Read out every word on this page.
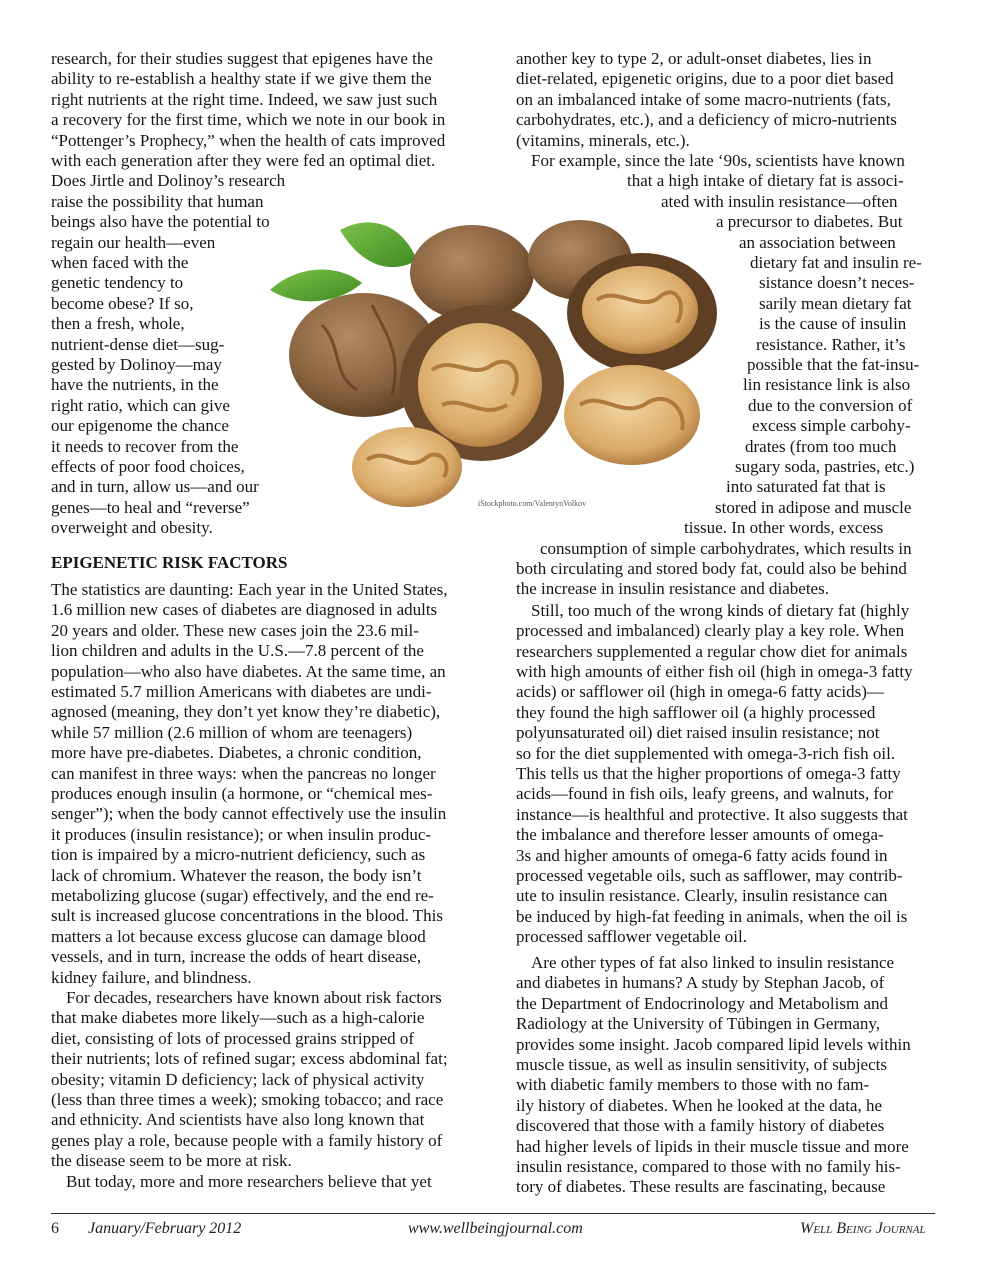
research, for their studies suggest that epigenes have the
ability to re-establish a healthy state if we give them the
right nutrients at the right time. Indeed, we saw just such
a recovery for the first time, which we note in our book in
“Pottenger’s Prophecy,” when the health of cats improved
with each generation after they were fed an optimal diet.
Does Jirtle and Dolinoy’s research
raise the possibility that human
beings also have the potential to
regain our health—even
when faced with the
genetic tendency to
become obese? If so,
then a fresh, whole,
nutrient-dense diet—sug-
gested by Dolinoy—may
have the nutrients, in the
right ratio, which can give
our epigenome the chance
it needs to recover from the
effects of poor food choices,
and in turn, allow us—and our
genes—to heal and “reverse”
overweight and obesity.
EPIGENETIC RISK FACTORS
The statistics are daunting: Each year in the United States,
1.6 million new cases of diabetes are diagnosed in adults
20 years and older. These new cases join the 23.6 mil-
lion children and adults in the U.S.—7.8 percent of the
population—who also have diabetes. At the same time, an
estimated 5.7 million Americans with diabetes are undi-
agnosed (meaning, they don’t yet know they’re diabetic),
while 57 million (2.6 million of whom are teenagers)
more have pre-diabetes. Diabetes, a chronic condition,
can manifest in three ways: when the pancreas no longer
produces enough insulin (a hormone, or “chemical mes-
senger”); when the body cannot effectively use the insulin
it produces (insulin resistance); or when insulin produc-
tion is impaired by a micro-nutrient deficiency, such as
lack of chromium. Whatever the reason, the body isn’t
metabolizing glucose (sugar) effectively, and the end re-
sult is increased glucose concentrations in the blood. This
matters a lot because excess glucose can damage blood
vessels, and in turn, increase the odds of heart disease,
kidney failure, and blindness.
For decades, researchers have known about risk factors
that make diabetes more likely—such as a high-calorie
diet, consisting of lots of processed grains stripped of
their nutrients; lots of refined sugar; excess abdominal fat;
obesity; vitamin D deficiency; lack of physical activity
(less than three times a week); smoking tobacco; and race
and ethnicity. And scientists have also long known that
genes play a role, because people with a family history of
the disease seem to be more at risk.
But today, more and more researchers believe that yet
another key to type 2, or adult-onset diabetes, lies in
diet-related, epigenetic origins, due to a poor diet based
on an imbalanced intake of some macro-nutrients (fats,
carbohydrates, etc.), and a deficiency of micro-nutrients
(vitamins, minerals, etc.).
For example, since the late ‘90s, scientists have known
that a high intake of dietary fat is associ-
ated with insulin resistance—often
a precursor to diabetes. But
an association between
dietary fat and insulin re-
sistance doesn’t neces-
sarily mean dietary fat
is the cause of insulin
resistance. Rather, it’s
possible that the fat-insu-
lin resistance link is also
due to the conversion of
excess simple carbohy-
drates (from too much
sugary soda, pastries, etc.)
into saturated fat that is
stored in adipose and muscle
tissue. In other words, excess
consumption of simple carbohydrates, which results in
both circulating and stored body fat, could also be behind
the increase in insulin resistance and diabetes.
Still, too much of the wrong kinds of dietary fat (highly
processed and imbalanced) clearly play a key role. When
researchers supplemented a regular chow diet for animals
with high amounts of either fish oil (high in omega-3 fatty
acids) or safflower oil (high in omega-6 fatty acids)—
they found the high safflower oil (a highly processed
polyunsaturated oil) diet raised insulin resistance; not
so for the diet supplemented with omega-3-rich fish oil.
This tells us that the higher proportions of omega-3 fatty
acids—found in fish oils, leafy greens, and walnuts, for
instance—is healthful and protective. It also suggests that
the imbalance and therefore lesser amounts of omega-
3s and higher amounts of omega-6 fatty acids found in
processed vegetable oils, such as safflower, may contrib-
ute to insulin resistance. Clearly, insulin resistance can
be induced by high-fat feeding in animals, when the oil is
processed safflower vegetable oil.
Are other types of fat also linked to insulin resistance
and diabetes in humans? A study by Stephan Jacob, of
the Department of Endocrinology and Metabolism and
Radiology at the University of Tübingen in Germany,
provides some insight. Jacob compared lipid levels within
muscle tissue, as well as insulin sensitivity, of subjects
with diabetic family members to those with no fam-
ily history of diabetes. When he looked at the data, he
discovered that those with a family history of diabetes
had higher levels of lipids in their muscle tissue and more
insulin resistance, compared to those with no family his-
tory of diabetes. These results are fascinating, because
iStockphoto.com/ValentynVolkov
6 January/February 2012	www.wellbeingjournal.com	Well Being Journal
